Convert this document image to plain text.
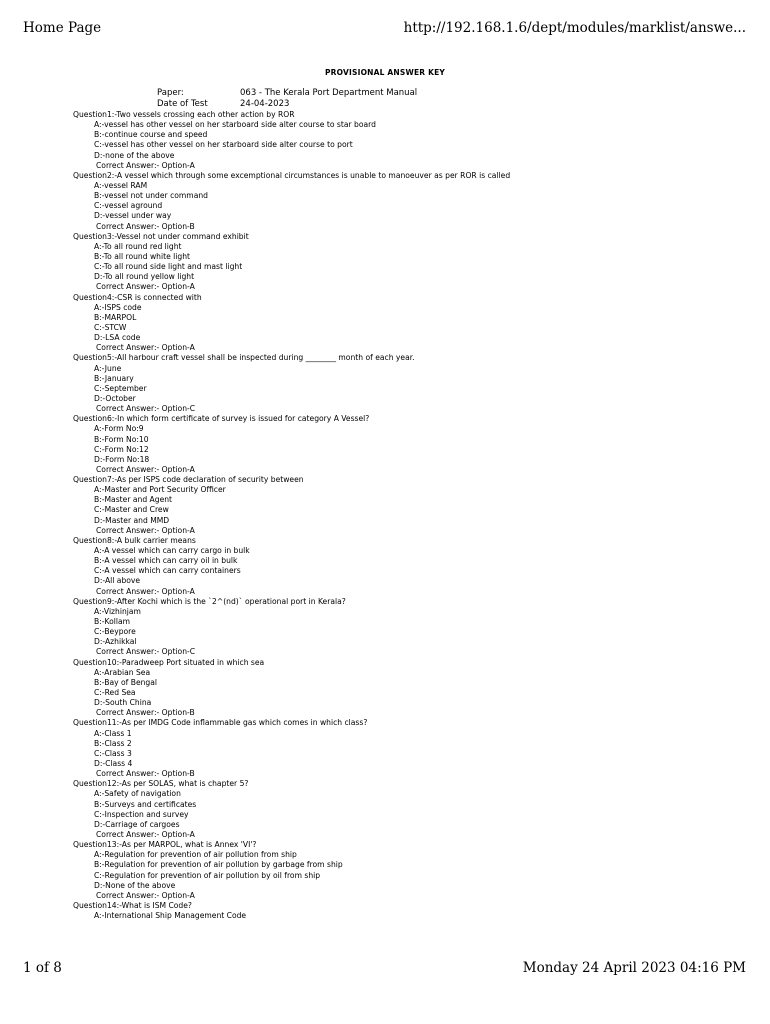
Home Page	http://192.168.1.6/dept/modules/marklist/answe...
PROVISIONAL ANSWER KEY
Paper:	063 - The Kerala Port Department Manual
Date of Test	24-04-2023
Question1:-Two vessels crossing each other action by ROR
A:-vessel has other vessel on her starboard side alter course to star board
B:-continue course and speed
C:-vessel has other vessel on her starboard side alter course to port
D:-none of the above
Correct Answer:- Option-A
Question2:-A vessel which through some excemptional circumstances is unable to manoeuver as per ROR is called
A:-vessel RAM
B:-vessel not under command
C:-vessel aground
D:-vessel under way
Correct Answer:- Option-B
Question3:-Vessel not under command exhibit
A:-To all round red light
B:-To all round white light
C:-To all round side light and mast light
D:-To all round yellow light
Correct Answer:- Option-A
Question4:-CSR is connected with
A:-ISPS code
B:-MARPOL
C:-STCW
D:-LSA code
Correct Answer:- Option-A
Question5:-All harbour craft vessel shall be inspected during ________ month of each year.
A:-June
B:-January
C:-September
D:-October
Correct Answer:- Option-C
Question6:-In which form certificate of survey is issued for category A Vessel?
A:-Form No:9
B:-Form No:10
C:-Form No:12
D:-Form No:18
Correct Answer:- Option-A
Question7:-As per ISPS code declaration of security between
A:-Master and Port Security Officer
B:-Master and Agent
C:-Master and Crew
D:-Master and MMD
Correct Answer:- Option-A
Question8:-A bulk carrier means
A:-A vessel which can carry cargo in bulk
B:-A vessel which can carry oil in bulk
C:-A vessel which can carry containers
D:-All above
Correct Answer:- Option-A
Question9:-After Kochi which is the `2^(nd)` operational port in Kerala?
A:-Vizhinjam
B:-Kollam
C:-Beypore
D:-Azhikkal
Correct Answer:- Option-C
Question10:-Paradweep Port situated in which sea
A:-Arabian Sea
B:-Bay of Bengal
C:-Red Sea
D:-South China
Correct Answer:- Option-B
Question11:-As per IMDG Code inflammable gas which comes in which class?
A:-Class 1
B:-Class 2
C:-Class 3
D:-Class 4
Correct Answer:- Option-B
Question12:-As per SOLAS, what is chapter 5?
A:-Safety of navigation
B:-Surveys and certificates
C:-Inspection and survey
D:-Carriage of cargoes
Correct Answer:- Option-A
Question13:-As per MARPOL, what is Annex 'VI'?
A:-Regulation for prevention of air pollution from ship
B:-Regulation for prevention of air pollution by garbage from ship
C:-Regulation for prevention of air pollution by oil from ship
D:-None of the above
Correct Answer:- Option-A
Question14:-What is ISM Code?
A:-International Ship Management Code
1 of 8	Monday 24 April 2023 04:16 PM
